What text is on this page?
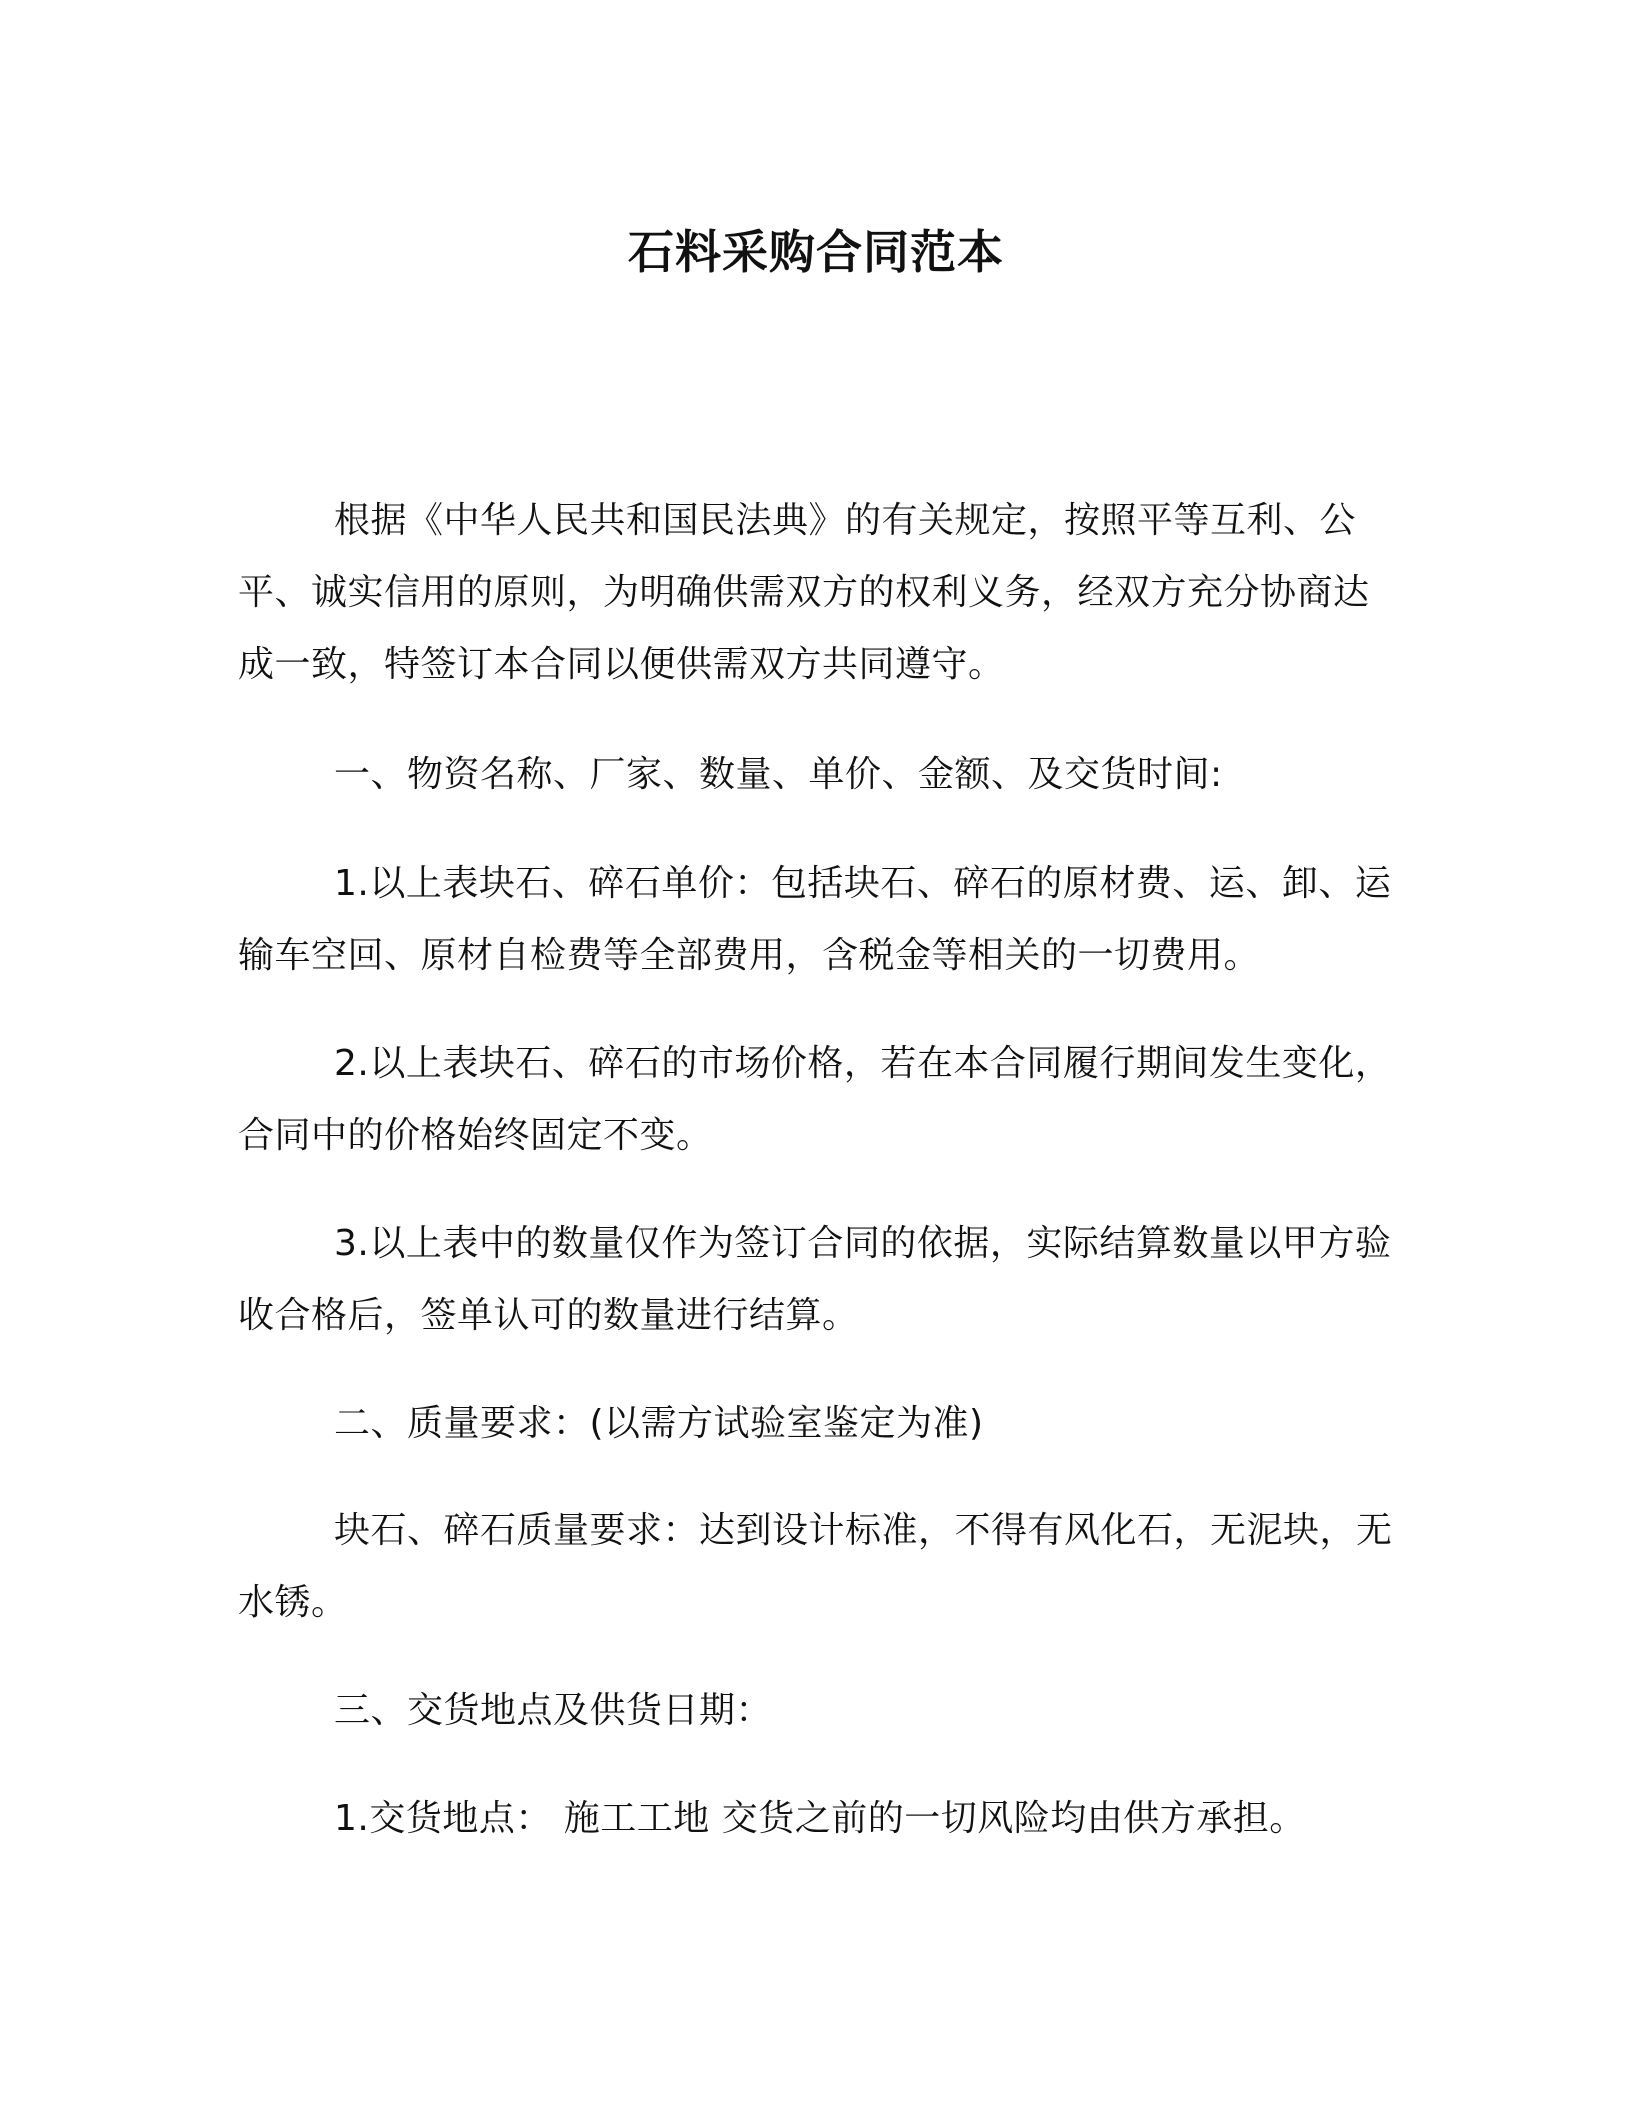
石料采购合同范本

根据《中华人民共和国民法典》的有关规定，按照平等互利、公平、诚实信用的原则，为明确供需双方的权利义务，经双方充分协商达成一致，特签订本合同以便供需双方共同遵守。

一、物资名称、厂家、数量、单价、金额、及交货时间:

1.以上表块石、碎石单价：包括块石、碎石的原材费、运、卸、运输车空回、原材自检费等全部费用，含税金等相关的一切费用。

2.以上表块石、碎石的市场价格，若在本合同履行期间发生变化，合同中的价格始终固定不变。

3.以上表中的数量仅作为签订合同的依据，实际结算数量以甲方验收合格后，签单认可的数量进行结算。

二、质量要求：(以需方试验室鉴定为准)

块石、碎石质量要求：达到设计标准，不得有风化石，无泥块，无水锈。

三、交货地点及供货日期：

1.交货地点： 施工工地 交货之前的一切风险均由供方承担。
